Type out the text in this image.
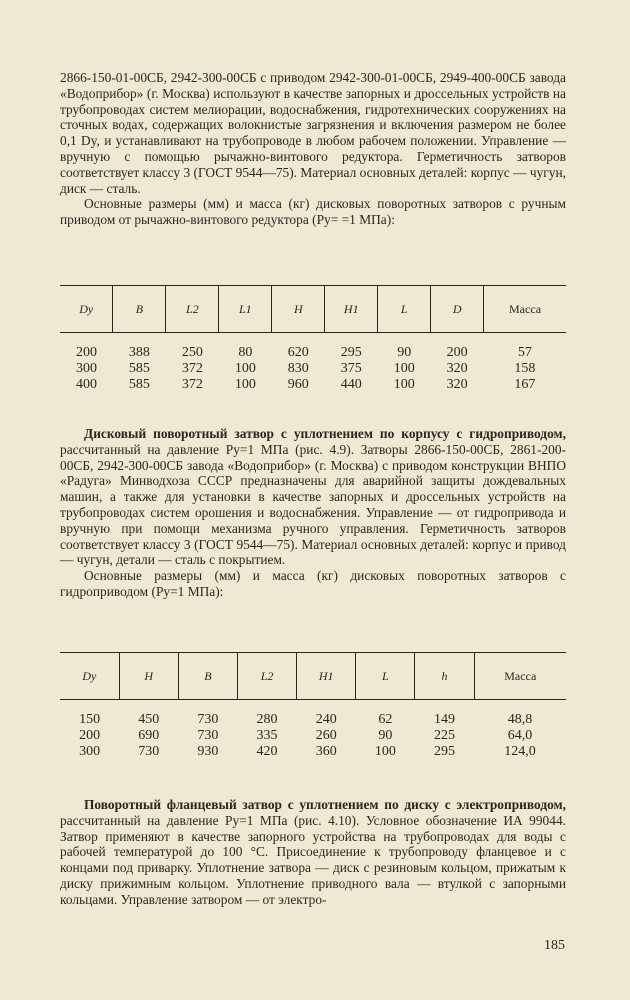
2866-150-01-00СБ, 2942-300-00СБ с приводом 2942-300-01-00СБ, 2949-400-00СБ завода «Водоприбор» (г. Москва) используют в качестве запорных и дроссельных устройств на трубопроводах систем мелиорации, водоснабжения, гидротехнических сооружениях на сточных водах, содержащих волокнистые загрязнения и включения размером не более 0,1 Dy, и устанавливают на трубопроводе в любом рабочем положении. Управление — вручную с помощью рычажно-винтового редуктора. Герметичность затворов соответствует классу 3 (ГОСТ 9544—75). Материал основных деталей: корпус — чугун, диск — сталь.

Основные размеры (мм) и масса (кг) дисковых поворотных затворов с ручным приводом от рычажно-винтового редуктора (Py= =1 МПа):

Dy	B	L2	L1	H	H1	L	D	Масса
200	388	250	80	620	295	90	200	57
300	585	372	100	830	375	100	320	158
400	585	372	100	960	440	100	320	167

Дисковый поворотный затвор с уплотнением по корпусу с гидроприводом, рассчитанный на давление Py=1 МПа (рис. 4.9). Затворы 2866-150-00СБ, 2861-200-00СБ, 2942-300-00СБ завода «Водоприбор» (г. Москва) с приводом конструкции ВНПО «Радуга» Минводхоза СССР предназначены для аварийной защиты дождевальных машин, а также для установки в качестве запорных и дроссельных устройств на трубопроводах систем орошения и водоснабжения. Управление — от гидропривода и вручную при помощи механизма ручного управления. Герметичность затворов соответствует классу 3 (ГОСТ 9544—75). Материал основных деталей: корпус и привод — чугун, детали — сталь с покрытием.

Основные размеры (мм) и масса (кг) дисковых поворотных затворов с гидроприводом (Py=1 МПа):

Dy	H	B	L2	H1	L	h	Масса
150	450	730	280	240	62	149	48,8
200	690	730	335	260	90	225	64,0
300	730	930	420	360	100	295	124,0

Поворотный фланцевый затвор с уплотнением по диску с электроприводом, рассчитанный на давление Py=1 МПа (рис. 4.10). Условное обозначение ИА 99044. Затвор применяют в качестве запорного устройства на трубопроводах для воды с рабочей температурой до 100 °С. Присоединение к трубопроводу фланцевое и с концами под приварку. Уплотнение затвора — диск с резиновым кольцом, прижатым к диску прижимным кольцом. Уплотнение приводного вала — втулкой с запорными кольцами. Управление затвором — от электро-

185
